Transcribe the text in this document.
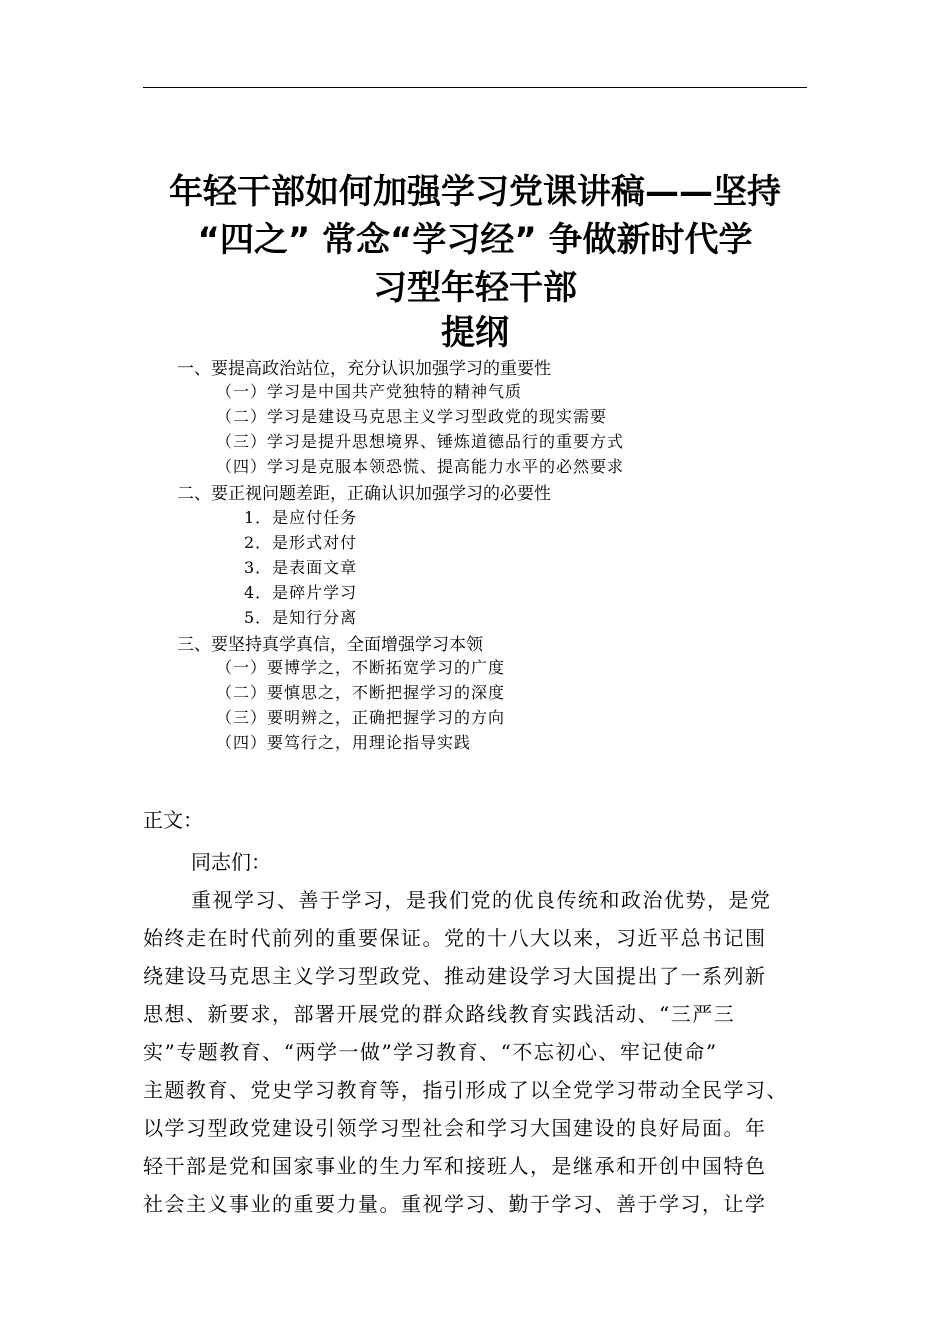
年轻干部如何加强学习党课讲稿——坚持
“四之” 常念“学习经” 争做新时代学
习型年轻干部
提纲
一、要提高政治站位，充分认识加强学习的重要性
（一）学习是中国共产党独特的精神气质
（二）学习是建设马克思主义学习型政党的现实需要
（三）学习是提升思想境界、锤炼道德品行的重要方式
（四）学习是克服本领恐慌、提高能力水平的必然要求
二、要正视问题差距，正确认识加强学习的必要性
1．是应付任务
2．是形式对付
3．是表面文章
4．是碎片学习
5．是知行分离
三、要坚持真学真信，全面增强学习本领
（一）要博学之，不断拓宽学习的广度
（二）要慎思之，不断把握学习的深度
（三）要明辨之，正确把握学习的方向
（四）要笃行之，用理论指导实践
正文：
同志们：
重视学习、善于学习，是我们党的优良传统和政治优势，是党
始终走在时代前列的重要保证。党的十八大以来，习近平总书记围
绕建设马克思主义学习型政党、推动建设学习大国提出了一系列新
思想、新要求，部署开展党的群众路线教育实践活动、“三严三
实”专题教育、“两学一做”学习教育、“不忘初心、牢记使命”
主题教育、党史学习教育等，指引形成了以全党学习带动全民学习、
以学习型政党建设引领学习型社会和学习大国建设的良好局面。年
轻干部是党和国家事业的生力军和接班人，是继承和开创中国特色
社会主义事业的重要力量。重视学习、勤于学习、善于学习，让学
